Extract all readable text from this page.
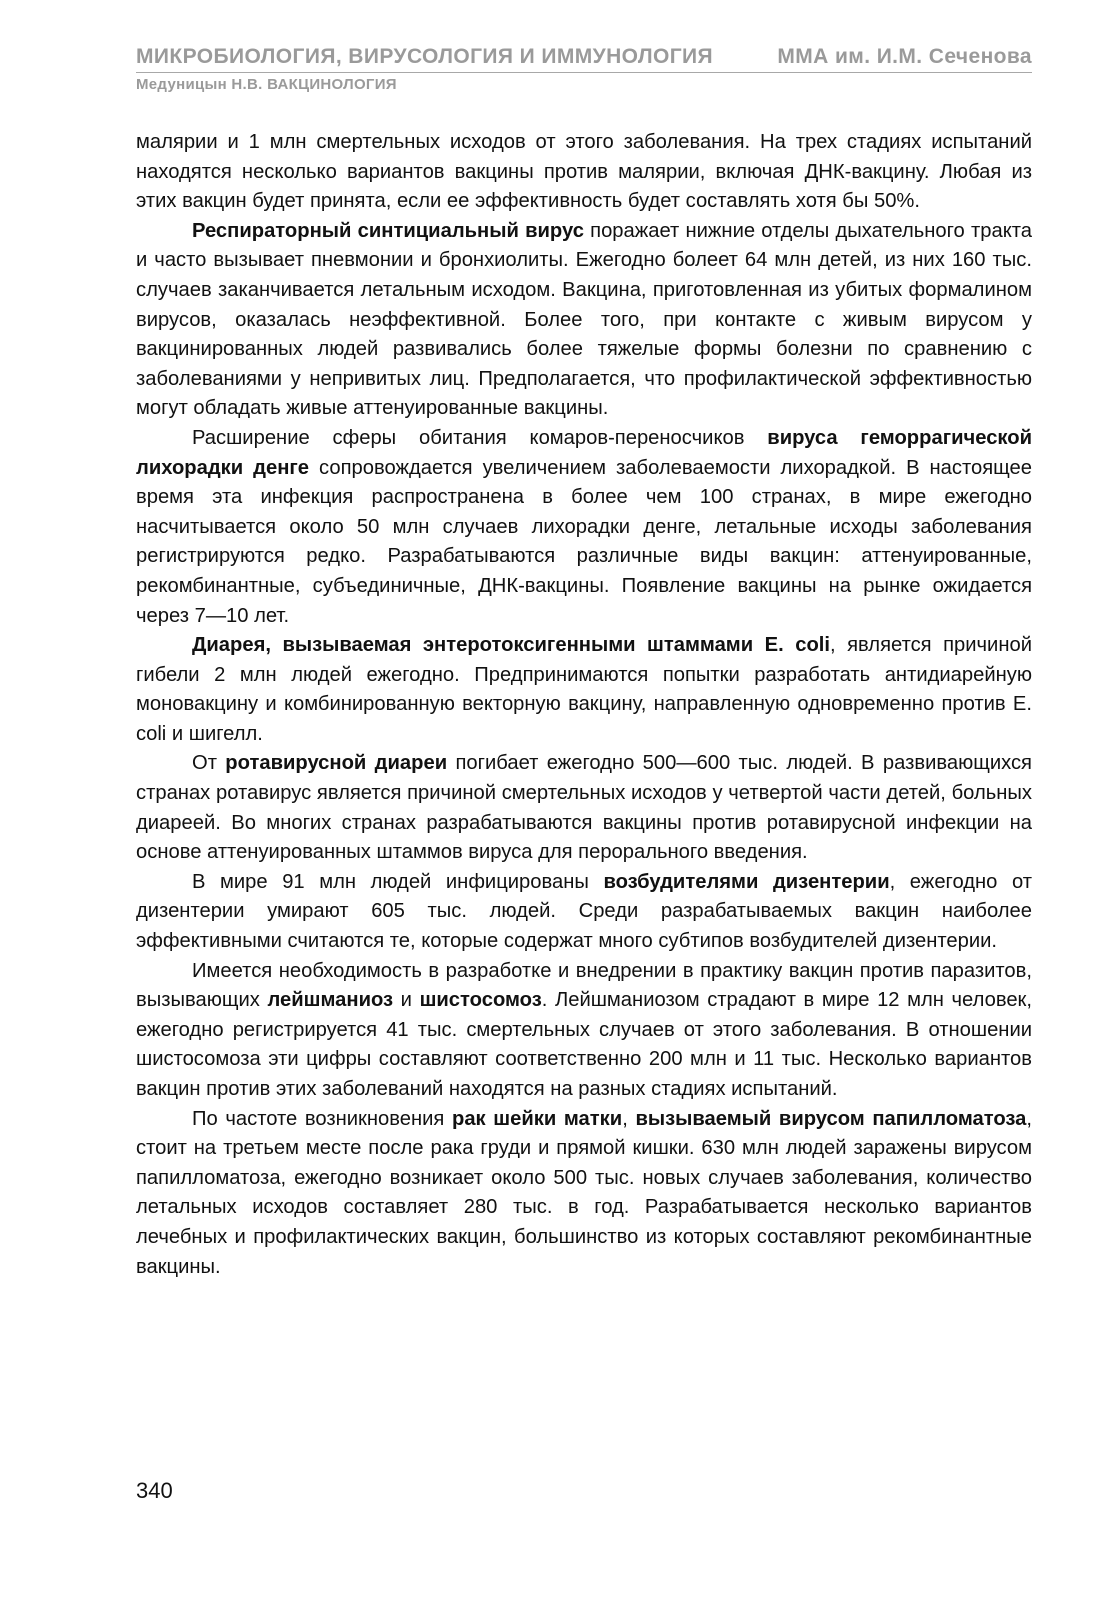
МИКРОБИОЛОГИЯ, ВИРУСОЛОГИЯ И ИММУНОЛОГИЯ	ММА им. И.М. Сеченова
Медуницын Н.В. ВАКЦИНОЛОГИЯ

малярии и 1 млн смертельных исходов от этого заболевания. На трех стадиях испытаний находятся несколько вариантов вакцины против малярии, включая ДНК-вакцину. Любая из этих вакцин будет принята, если ее эффективность будет составлять хотя бы 50%.

Респираторный синтициальный вирус поражает нижние отделы дыхательного тракта и часто вызывает пневмонии и бронхиолиты. Ежегодно болеет 64 млн детей, из них 160 тыс. случаев заканчивается летальным исходом. Вакцина, приготовленная из убитых формалином вирусов, оказалась неэффективной. Более того, при контакте с живым вирусом у вакцинированных людей развивались более тяжелые формы болезни по сравнению с заболеваниями у непривитых лиц. Предполагается, что профилактической эффективностью могут обладать живые аттенуированные вакцины.

Расширение сферы обитания комаров-переносчиков вируса геморрагической лихорадки денге сопровождается увеличением заболеваемости лихорадкой. В настоящее время эта инфекция распространена в более чем 100 странах, в мире ежегодно насчитывается около 50 млн случаев лихорадки денге, летальные исходы заболевания регистрируются редко. Разрабатываются различные виды вакцин: аттенуированные, рекомбинантные, субъединичные, ДНК-вакцины. Появление вакцины на рынке ожидается через 7—10 лет.

Диарея, вызываемая энтеротоксигенными штаммами E. coli, является причиной гибели 2 млн людей ежегодно. Предпринимаются попытки разработать антидиарейную моновакцину и комбинированную векторную вакцину, направленную одновременно против E. coli и шигелл.

От ротавирусной диареи погибает ежегодно 500—600 тыс. людей. В развивающихся странах ротавирус является причиной смертельных исходов у четвертой части детей, больных диареей. Во многих странах разрабатываются вакцины против ротавирусной инфекции на основе аттенуированных штаммов вируса для перорального введения.

В мире 91 млн людей инфицированы возбудителями дизентерии, ежегодно от дизентерии умирают 605 тыс. людей. Среди разрабатываемых вакцин наиболее эффективными считаются те, которые содержат много субтипов возбудителей дизентерии.

Имеется необходимость в разработке и внедрении в практику вакцин против паразитов, вызывающих лейшманиоз и шистосомоз. Лейшманиозом страдают в мире 12 млн человек, ежегодно регистрируется 41 тыс. смертельных случаев от этого заболевания. В отношении шистосомоза эти цифры составляют соответственно 200 млн и 11 тыс. Несколько вариантов вакцин против этих заболеваний находятся на разных стадиях испытаний.

По частоте возникновения рак шейки матки, вызываемый вирусом папилломатоза, стоит на третьем месте после рака груди и прямой кишки. 630 млн людей заражены вирусом папилломатоза, ежегодно возникает около 500 тыс. новых случаев заболевания, количество летальных исходов составляет 280 тыс. в год. Разрабатывается несколько вариантов лечебных и профилактических вакцин, большинство из которых составляют рекомбинантные вакцины.

340
